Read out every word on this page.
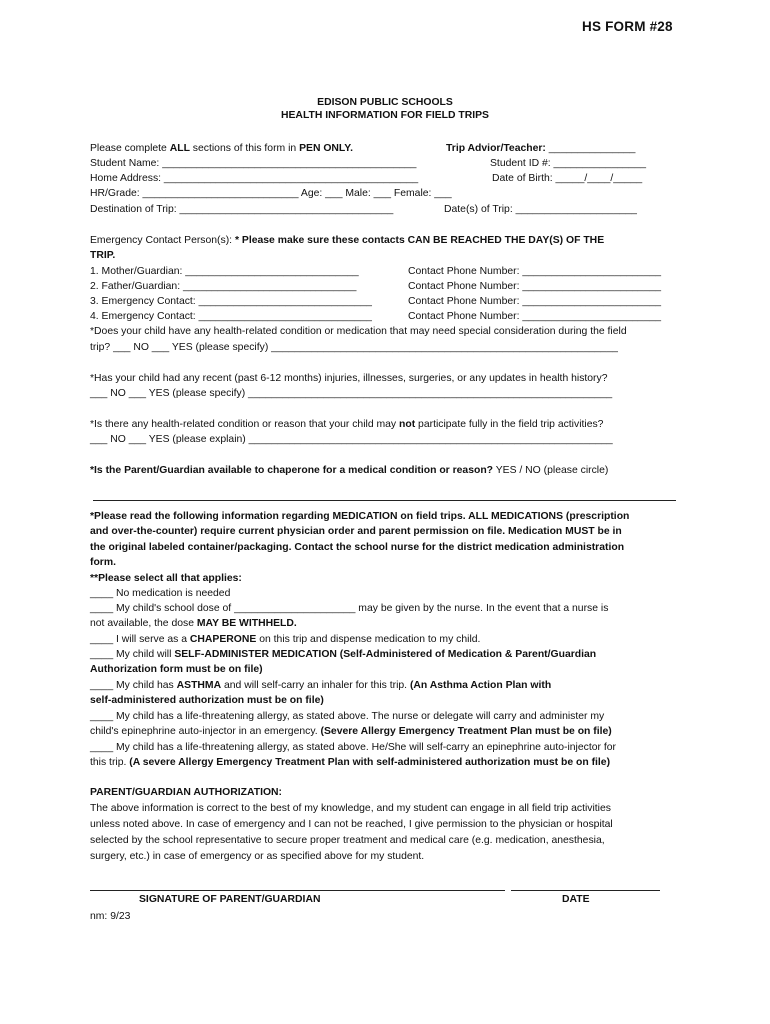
HS FORM #28
EDISON PUBLIC SCHOOLS
HEALTH INFORMATION FOR FIELD TRIPS
Please complete ALL sections of this form in PEN ONLY.	Trip Advior/Teacher: _______________
Student Name: ____________________________________________	Student ID #: ________________
Home Address: ____________________________________________	Date of Birth: _____/____/_____
HR/Grade: ___________________________ Age: ___ Male: ___ Female: ___
Destination of Trip: _____________________________________	Date(s) of Trip: _____________________
Emergency Contact Person(s): * Please make sure these contacts CAN BE REACHED THE DAY(S) OF THE
TRIP.
1. Mother/Guardian: ______________________________	Contact Phone Number: ________________________
2. Father/Guardian: ______________________________	Contact Phone Number: ________________________
3. Emergency Contact: ______________________________	Contact Phone Number: ________________________
4. Emergency Contact: ______________________________	Contact Phone Number: ________________________
*Does your child have any health-related condition or medication that may need special consideration during the field
trip? ___ NO ___ YES (please specify) ____________________________________________________________
*Has your child had any recent (past 6-12 months) injuries, illnesses, surgeries, or any updates in health history?
___ NO ___ YES (please specify) _______________________________________________________________
*Is there any health-related condition or reason that your child may not participate fully in the field trip activities?
___ NO ___ YES (please explain) _______________________________________________________________
*Is the Parent/Guardian available to chaperone for a medical condition or reason? YES / NO (please circle)
*Please read the following information regarding MEDICATION on field trips. ALL MEDICATIONS (prescription
and over-the-counter) require current physician order and parent permission on file. Medication MUST be in
the original labeled container/packaging. Contact the school nurse for the district medication administration
form.
**Please select all that applies:
____ No medication is needed
____ My child's school dose of _____________________ may be given by the nurse. In the event that a nurse is
not available, the dose MAY BE WITHHELD.
____ I will serve as a CHAPERONE on this trip and dispense medication to my child.
____ My child will SELF-ADMINISTER MEDICATION (Self-Administered of Medication & Parent/Guardian
Authorization form must be on file)
____ My child has ASTHMA and will self-carry an inhaler for this trip. (An Asthma Action Plan with
self-administered authorization must be on file)
____ My child has a life-threatening allergy, as stated above. The nurse or delegate will carry and administer my
child's epinephrine auto-injector in an emergency. (Severe Allergy Emergency Treatment Plan must be on file)
____ My child has a life-threatening allergy, as stated above. He/She will self-carry an epinephrine auto-injector for
this trip. (A severe Allergy Emergency Treatment Plan with self-administered authorization must be on file)
PARENT/GUARDIAN AUTHORIZATION:
The above information is correct to the best of my knowledge, and my student can engage in all field trip activities
unless noted above. In case of emergency and I can not be reached, I give permission to the physician or hospital
selected by the school representative to secure proper treatment and medical care (e.g. medication, anesthesia,
surgery, etc.) in case of emergency or as specified above for my student.
SIGNATURE OF PARENT/GUARDIAN	DATE
nm: 9/23
